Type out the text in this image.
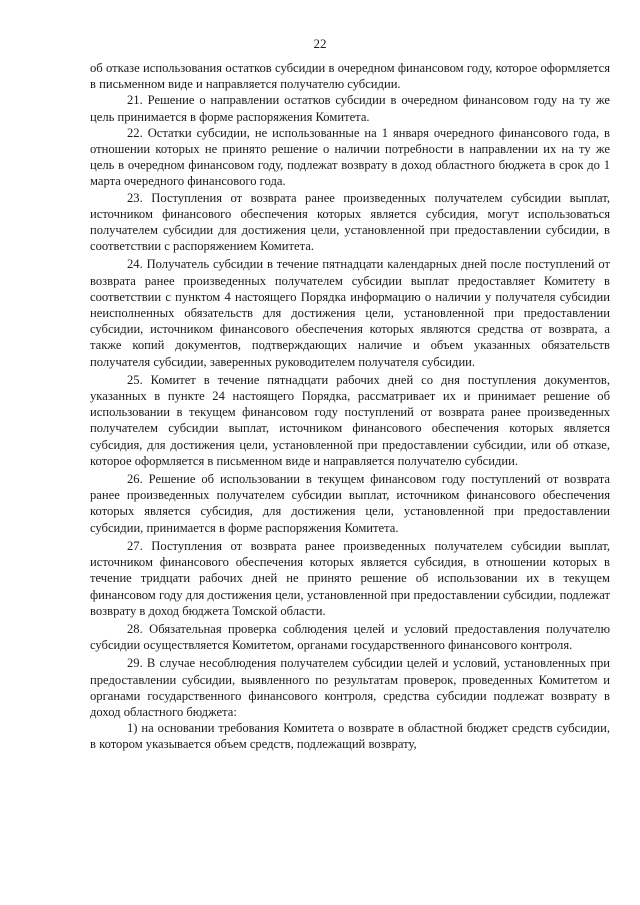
22

об отказе использования остатков субсидии в очередном финансовом году, которое оформляется в письменном виде и направляется получателю субсидии.

21. Решение о направлении остатков субсидии в очередном финансовом году на ту же цель принимается в форме распоряжения Комитета.

22. Остатки субсидии, не использованные на 1 января очередного финансового года, в отношении которых не принято решение о наличии потребности в направлении их на ту же цель в очередном финансовом году, подлежат возврату в доход областного бюджета в срок до 1 марта очередного финансового года.

23. Поступления от возврата ранее произведенных получателем субсидии выплат, источником финансового обеспечения которых является субсидия, могут использоваться получателем субсидии для достижения цели, установленной при предоставлении субсидии, в соответствии с распоряжением Комитета.

24. Получатель субсидии в течение пятнадцати календарных дней после поступлений от возврата ранее произведенных получателем субсидии выплат предоставляет Комитету в соответствии с пунктом 4 настоящего Порядка информацию о наличии у получателя субсидии неисполненных обязательств для достижения цели, установленной при предоставлении субсидии, источником финансового обеспечения которых являются средства от возврата, а также копий документов, подтверждающих наличие и объем указанных обязательств получателя субсидии, заверенных руководителем получателя субсидии.

25. Комитет в течение пятнадцати рабочих дней со дня поступления документов, указанных в пункте 24 настоящего Порядка, рассматривает их и принимает решение об использовании в текущем финансовом году поступлений от возврата ранее произведенных получателем субсидии выплат, источником финансового обеспечения которых является субсидия, для достижения цели, установленной при предоставлении субсидии, или об отказе, которое оформляется в письменном виде и направляется получателю субсидии.

26. Решение об использовании в текущем финансовом году поступлений от возврата ранее произведенных получателем субсидии выплат, источником финансового обеспечения которых является субсидия, для достижения цели, установленной при предоставлении субсидии, принимается в форме распоряжения Комитета.

27. Поступления от возврата ранее произведенных получателем субсидии выплат, источником финансового обеспечения которых является субсидия, в отношении которых в течение тридцати рабочих дней не принято решение об использовании их в текущем финансовом году для достижения цели, установленной при предоставлении субсидии, подлежат возврату в доход бюджета Томской области.

28. Обязательная проверка соблюдения целей и условий предоставления получателю субсидии осуществляется Комитетом, органами государственного финансового контроля.

29. В случае несоблюдения получателем субсидии целей и условий, установленных при предоставлении субсидии, выявленного по результатам проверок, проведенных Комитетом и органами государственного финансового контроля, средства субсидии подлежат возврату в доход областного бюджета:

1) на основании требования Комитета о возврате в областной бюджет средств субсидии, в котором указывается объем средств, подлежащий возврату,
